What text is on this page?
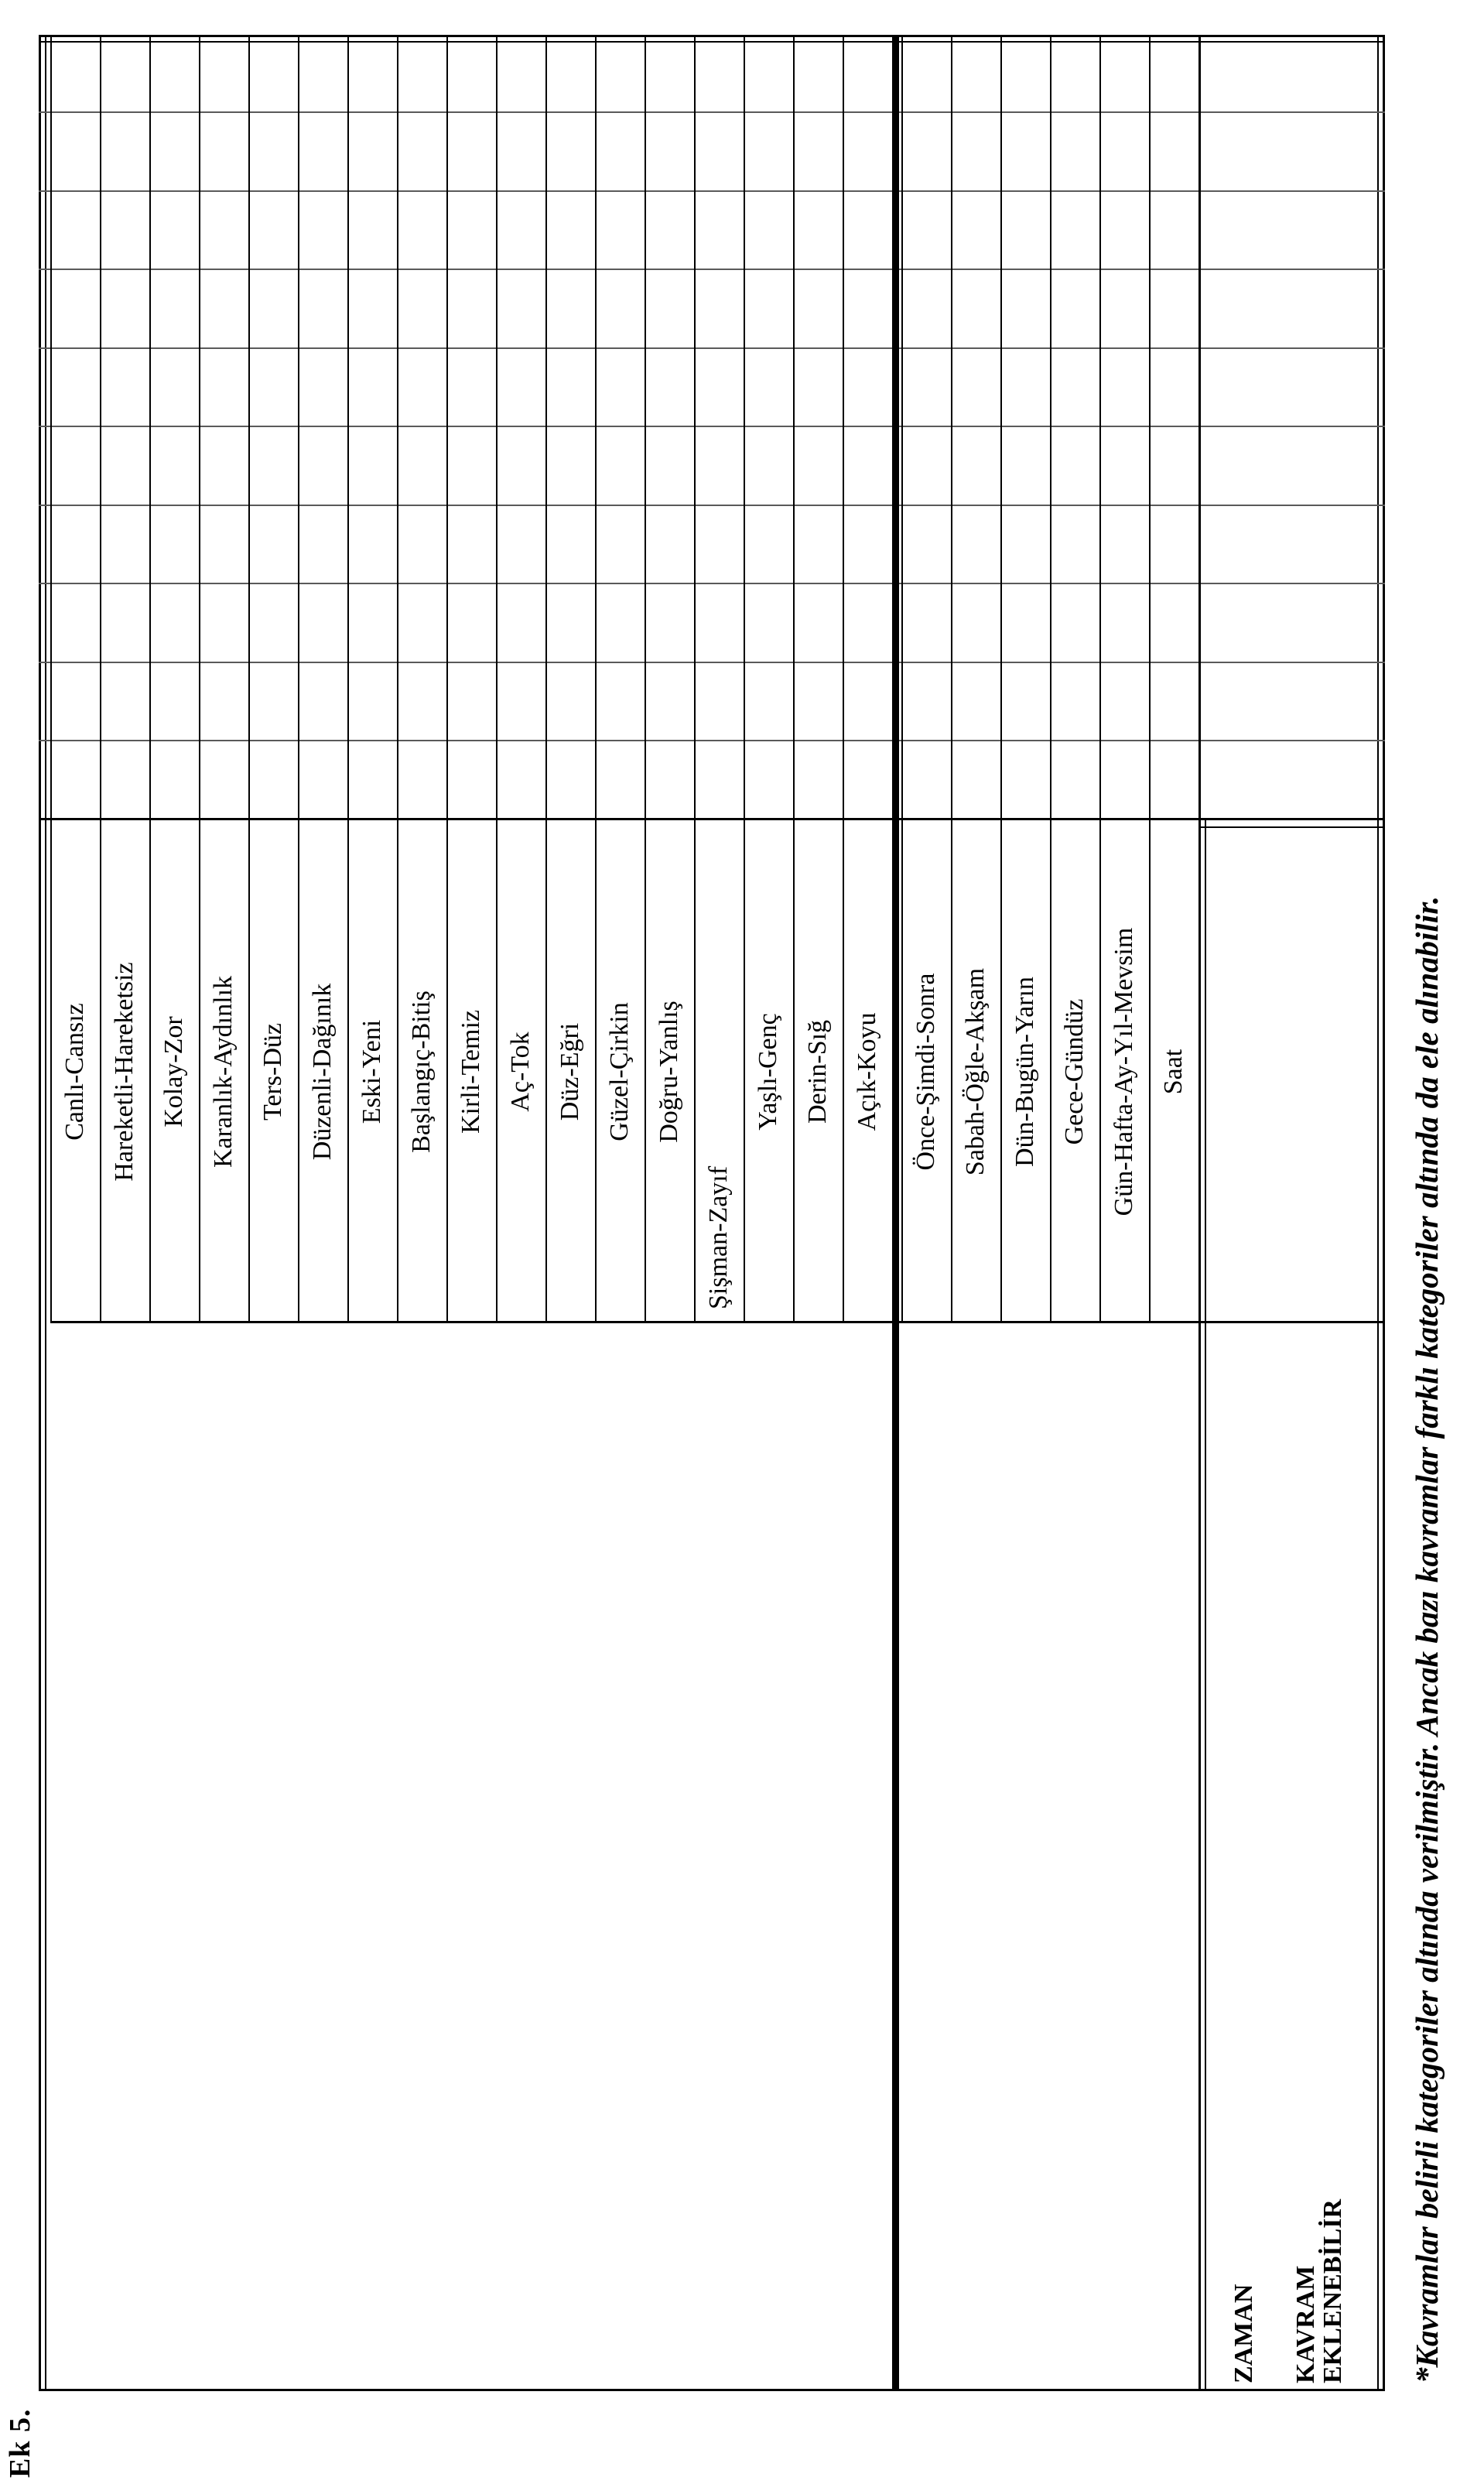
Ek 5.
ZAMAN KAVRAM
EKLENEBİLİR
Canlı-Cansız Hareketli-Hareketsiz Kolay-Zor Karanlık-Aydınlık Ters-Düz Düzenli-Dağınık Eski-Yeni Başlangıç-Bitiş Kirli-Temiz Aç-Tok Düz-Eğri Güzel-Çirkin Doğru-Yanlış
Şişman-Zayıf
Yaşlı-Genç Derin-Sığ Açık-Koyu	Önce-Şimdi-Sonra Sabah-Öğle-Akşam Dün-Bugün-Yarın Gece-Gündüz Gün-Hafta-Ay-Yıl-Mevsim Saat	*Kavramlar belirli kategoriler altında verilmiştir. Ancak bazı kavramlar farklı kategoriler altında da ele alınabilir.
